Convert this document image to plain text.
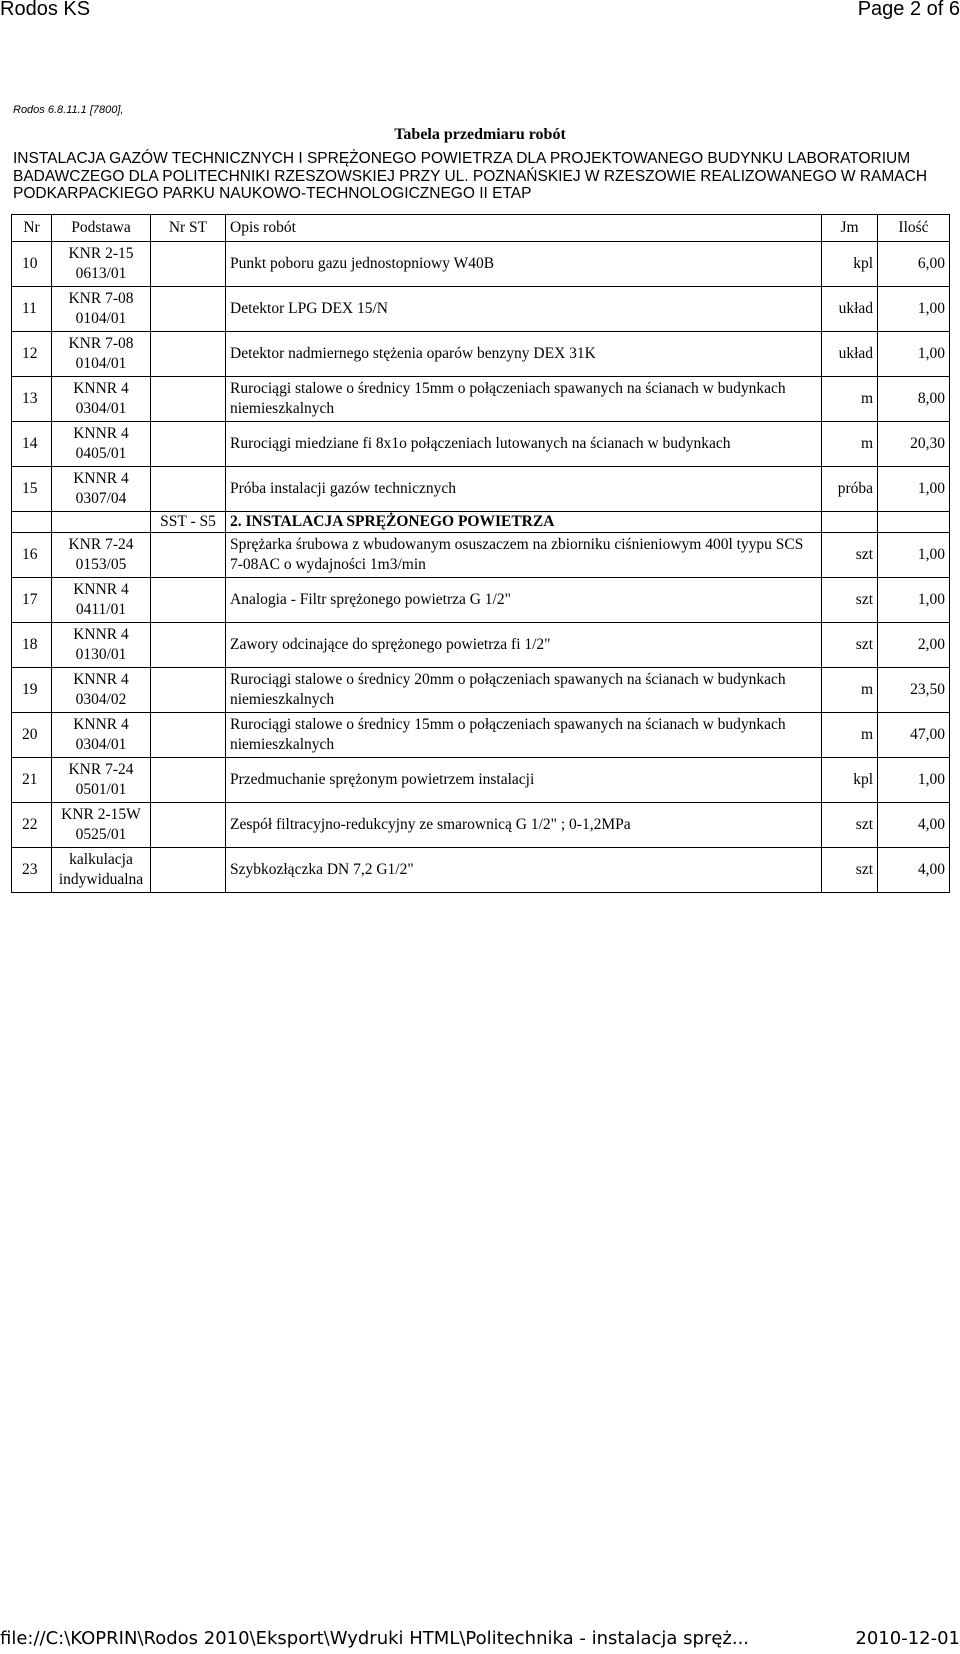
Rodos KS	Page 2 of 6
Rodos 6.8.11.1 [7800],
Tabela przedmiaru robót
INSTALACJA GAZÓW TECHNICZNYCH I SPRĘŻONEGO POWIETRZA DLA PROJEKTOWANEGO BUDYNKU LABORATORIUM BADAWCZEGO DLA POLITECHNIKI RZESZOWSKIEJ PRZY UL. POZNAŃSKIEJ W RZESZOWIE REALIZOWANEGO W RAMACH PODKARPACKIEGO PARKU NAUKOWO-TECHNOLOGICZNEGO II ETAP
Nr	Podstawa	Nr ST	Opis robót	Jm	Ilość
10	KNR 2-15 0613/01		Punkt poboru gazu jednostopniowy W40B	kpl	6,00
11	KNR 7-08 0104/01		Detektor LPG DEX 15/N	układ	1,00
12	KNR 7-08 0104/01		Detektor nadmiernego stężenia oparów benzyny DEX 31K	układ	1,00
13	KNNR 4 0304/01		Rurociągi stalowe o średnicy 15mm o połączeniach spawanych na ścianach w budynkach niemieszkalnych	m	8,00
14	KNNR 4 0405/01		Rurociągi miedziane fi 8x1o połączeniach lutowanych na ścianach w budynkach	m	20,30
15	KNNR 4 0307/04		Próba instalacji gazów technicznych	próba	1,00
		SST - S5	2. INSTALACJA SPRĘŻONEGO POWIETRZA		
16	KNR 7-24 0153/05		Sprężarka śrubowa z wbudowanym osuszaczem na zbiorniku ciśnieniowym 400l tyypu SCS 7-08AC o wydajności 1m3/min	szt	1,00
17	KNNR 4 0411/01		Analogia - Filtr sprężonego powietrza G 1/2"	szt	1,00
18	KNNR 4 0130/01		Zawory odcinające do sprężonego powietrza fi 1/2"	szt	2,00
19	KNNR 4 0304/02		Rurociągi stalowe o średnicy 20mm o połączeniach spawanych na ścianach w budynkach niemieszkalnych	m	23,50
20	KNNR 4 0304/01		Rurociągi stalowe o średnicy 15mm o połączeniach spawanych na ścianach w budynkach niemieszkalnych	m	47,00
21	KNR 7-24 0501/01		Przedmuchanie sprężonym powietrzem instalacji	kpl	1,00
22	KNR 2-15W 0525/01		Zespół filtracyjno-redukcyjny ze smarownicą G 1/2" ; 0-1,2MPa	szt	4,00
23	kalkulacja indywidualna		Szybkozłączka DN 7,2 G1/2"	szt	4,00
file://C:\KOPRIN\Rodos 2010\Eksport\Wydruki HTML\Politechnika - instalacja spręż...	2010-12-01
